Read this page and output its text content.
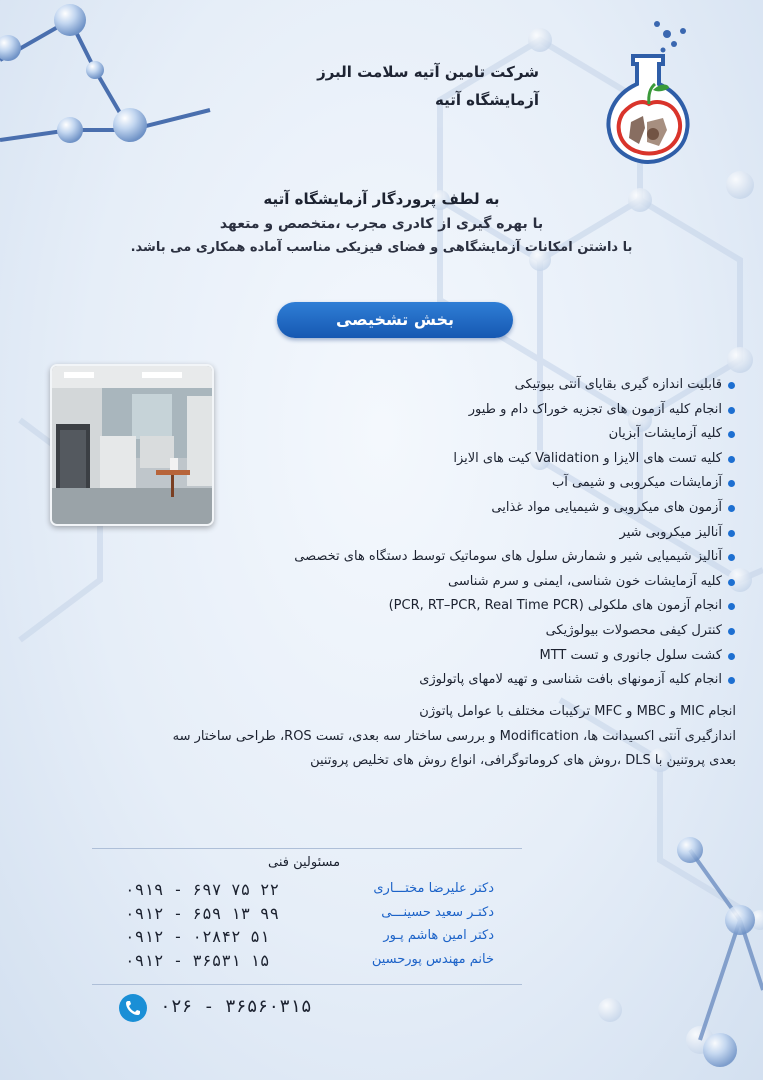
شرکت تامین آتیه سلامت البرز
آزمایشگاه آتیه
به لطف پروردگار آزمایشگاه آتیه
با بهره گیری از کادری مجرب ،متخصص و متعهد
با داشتن امکانات آزمایشگاهی و فضای فیزیکی مناسب آماده همکاری می باشد.
بخش تشخیصی
قابلیت اندازه گیری بقایای آنتی بیوتیکی
انجام کلیه آزمون های تجزیه خوراک دام و طیور
کلیه آزمایشات آبزیان
کلیه تست های الایزا و Validation کیت های الایزا
آزمایشات میکروبی و شیمی آب
آزمون های میکروبی و شیمیایی مواد غذایی
آنالیز میکروبی شیر
آنالیز شیمیایی شیر و شمارش سلول های سوماتیک توسط دستگاه های تخصصی
کلیه آزمایشات خون شناسی، ایمنی و سرم شناسی
انجام آزمون های ملکولی (PCR, RT–PCR, Real Time PCR)
کنترل کیفی محصولات بیولوژیکی
کشت سلول جانوری و تست MTT
انجام کلیه آزمونهای بافت شناسی و تهیه لامهای پاتولوژی
انجام MIC و MBC و MFC ترکیبات مختلف با عوامل پاتوژن
اندازگیری آنتی اکسیدانت ها، Modification و بررسی ساختار سه بعدی، تست ROS، طراحی ساختار سه
بعدی پروتنین با DLS ،روش های کروماتوگرافی، انواع روش های تخلیص پروتنین
مسئولین فنی
۰۹۱۹ - ۶۹۷ ۷۵ ۲۲	دکتر علیرضا مختـــاری
۰۹۱۲ - ۶۵۹ ۱۳ ۹۹	دکتـر سعید حسینـــی
۰۹۱۲ - ۰۲۸۴۲ ۵۱	دکتر امین هاشم پـور
۰۹۱۲ - ۳۶۵۳۱ ۱۵	خانم مهندس پورحسین
۰۲۶ - ۳۶۵۶۰۳۱۵
